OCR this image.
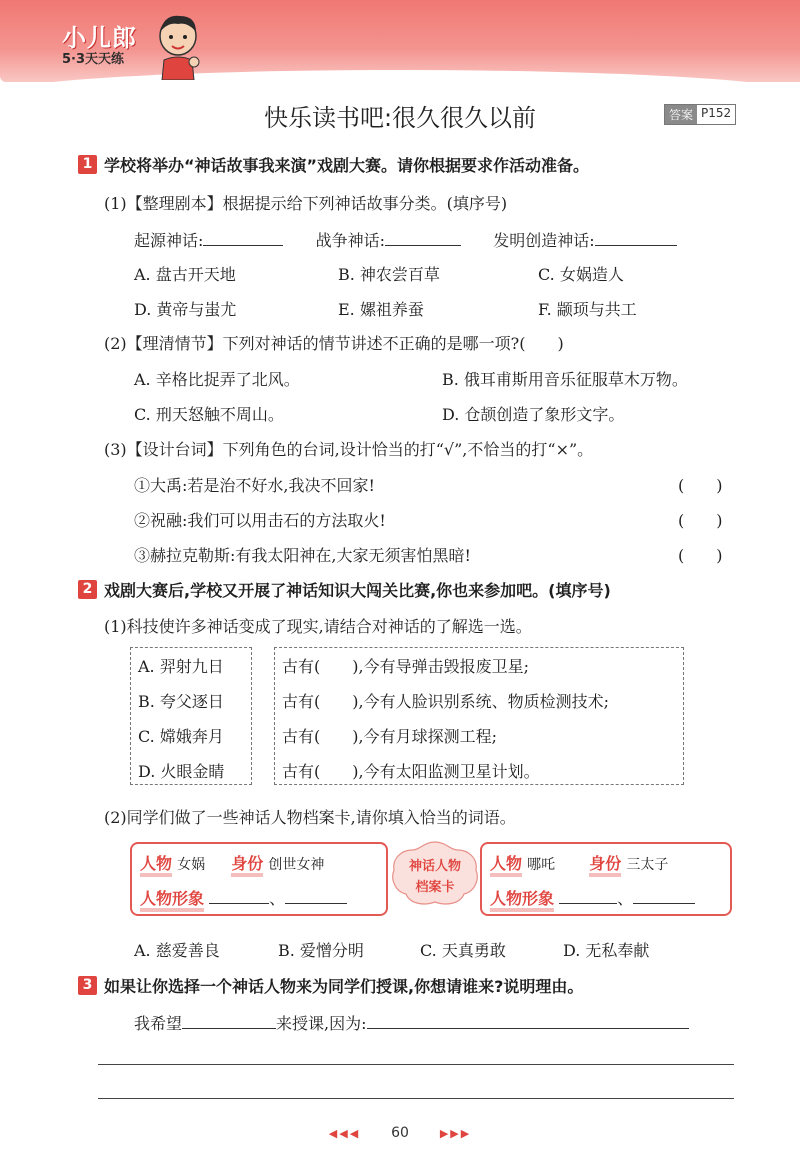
小儿郎
5·3天天练
快乐读书吧:很久很久以前	答案 P152
1 学校将举办“神话故事我来演”戏剧大赛。请你根据要求作活动准备。
(1)【整理剧本】根据提示给下列神话故事分类。(填序号)
起源神话:	战争神话:	发明创造神话:
A. 盘古开天地	B. 神农尝百草	C. 女娲造人
D. 黄帝与蚩尤	E. 嫘祖养蚕	F. 颛顼与共工
(2)【理清情节】下列对神话的情节讲述不正确的是哪一项?(　　)
A. 辛格比捉弄了北风。	B. 俄耳甫斯用音乐征服草木万物。
C. 刑天怒触不周山。	D. 仓颉创造了象形文字。
(3)【设计台词】下列角色的台词,设计恰当的打“√”,不恰当的打“×”。
①大禹:若是治不好水,我决不回家!	(　　)
②祝融:我们可以用击石的方法取火!	(　　)
③赫拉克勒斯:有我太阳神在,大家无须害怕黑暗!	(　　)
2 戏剧大赛后,学校又开展了神话知识大闯关比赛,你也来参加吧。(填序号)
(1)科技使许多神话变成了现实,请结合对神话的了解选一选。
A. 羿射九日
B. 夸父逐日
C. 嫦娥奔月
D. 火眼金睛
古有(　　),今有导弹击毁报废卫星;
古有(　　),今有人脸识别系统、物质检测技术;
古有(　　),今有月球探测工程;
古有(　　),今有太阳监测卫星计划。
(2)同学们做了一些神话人物档案卡,请你填入恰当的词语。
人物 女娲 身份 创世女神
人物形象	、
神话人物
档案卡
人物 哪吒 身份 三太子
人物形象	、
A. 慈爱善良	B. 爱憎分明	C. 天真勇敢	D. 无私奉献
3 如果让你选择一个神话人物来为同学们授课,你想请谁来?说明理由。
我希望	来授课,因为:
◀◀◀ 60	▶▶▶
